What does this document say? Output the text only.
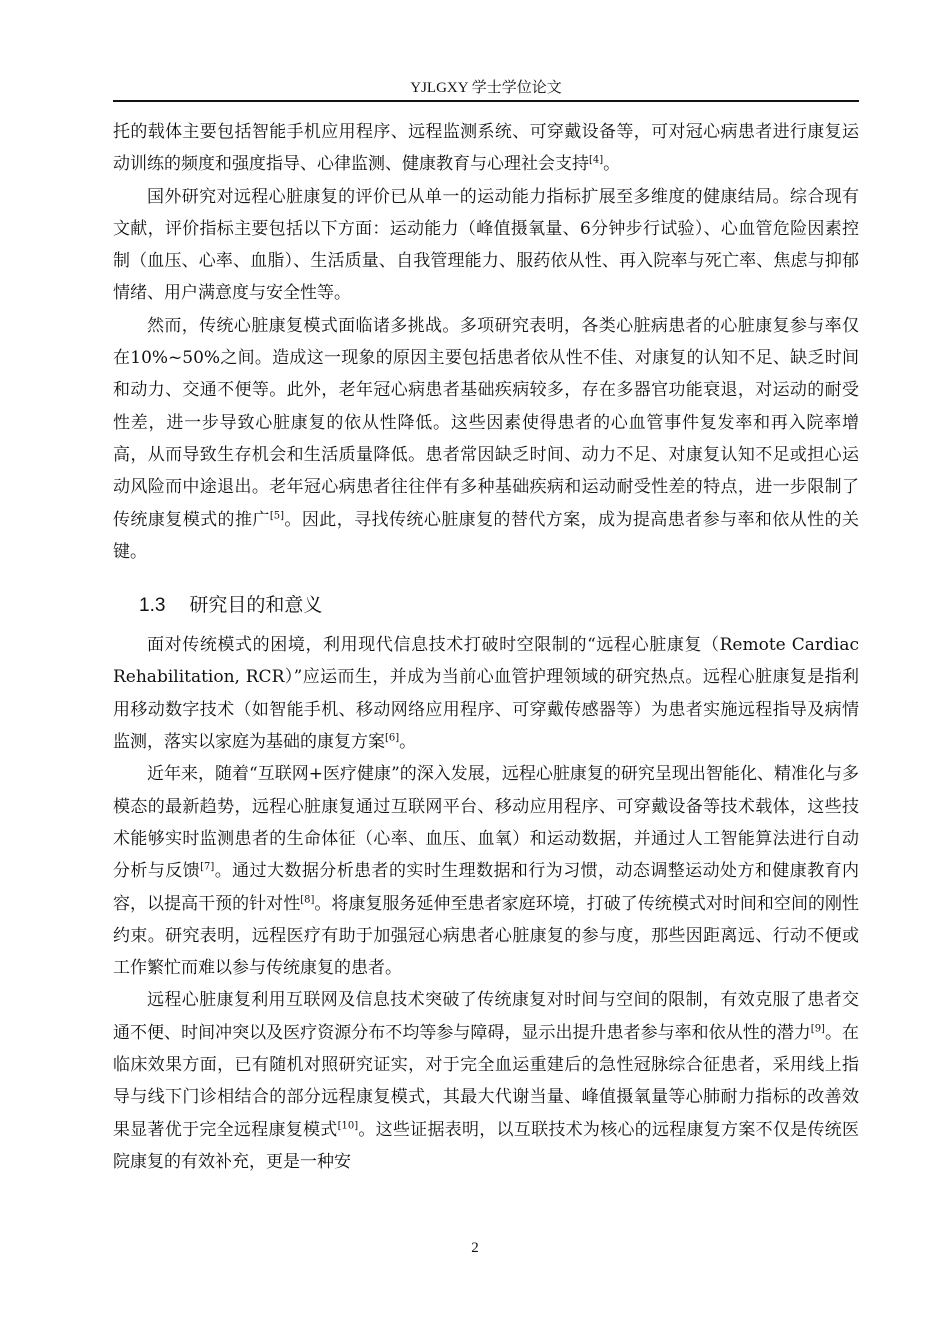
YJLGXY 学士学位论文

托的载体主要包括智能手机应用程序、远程监测系统、可穿戴设备等，可对冠心病患者进行康复运动训练的频度和强度指导、心律监测、健康教育与心理社会支持[4]。

国外研究对远程心脏康复的评价已从单一的运动能力指标扩展至多维度的健康结局。综合现有文献，评价指标主要包括以下方面：运动能力（峰值摄氧量、6分钟步行试验）、心血管危险因素控制（血压、心率、血脂）、生活质量、自我管理能力、服药依从性、再入院率与死亡率、焦虑与抑郁情绪、用户满意度与安全性等。

然而，传统心脏康复模式面临诸多挑战。多项研究表明，各类心脏病患者的心脏康复参与率仅在10%~50%之间。造成这一现象的原因主要包括患者依从性不佳、对康复的认知不足、缺乏时间和动力、交通不便等。此外，老年冠心病患者基础疾病较多，存在多器官功能衰退，对运动的耐受性差，进一步导致心脏康复的依从性降低。这些因素使得患者的心血管事件复发率和再入院率增高，从而导致生存机会和生活质量降低。患者常因缺乏时间、动力不足、对康复认知不足或担心运动风险而中途退出。老年冠心病患者往往伴有多种基础疾病和运动耐受性差的特点，进一步限制了传统康复模式的推广[5]。因此，寻找传统心脏康复的替代方案，成为提高患者参与率和依从性的关键。

1.3 研究目的和意义

面对传统模式的困境，利用现代信息技术打破时空限制的“远程心脏康复（Remote Cardiac Rehabilitation, RCR）”应运而生，并成为当前心血管护理领域的研究热点。远程心脏康复是指利用移动数字技术（如智能手机、移动网络应用程序、可穿戴传感器等）为患者实施远程指导及病情监测，落实以家庭为基础的康复方案[6]。

近年来，随着“互联网+医疗健康”的深入发展，远程心脏康复的研究呈现出智能化、精准化与多模态的最新趋势，远程心脏康复通过互联网平台、移动应用程序、可穿戴设备等技术载体，这些技术能够实时监测患者的生命体征（心率、血压、血氧）和运动数据，并通过人工智能算法进行自动分析与反馈[7]。通过大数据分析患者的实时生理数据和行为习惯，动态调整运动处方和健康教育内容，以提高干预的针对性[8]。将康复服务延伸至患者家庭环境，打破了传统模式对时间和空间的刚性约束。研究表明，远程医疗有助于加强冠心病患者心脏康复的参与度，那些因距离远、行动不便或工作繁忙而难以参与传统康复的患者。

远程心脏康复利用互联网及信息技术突破了传统康复对时间与空间的限制，有效克服了患者交通不便、时间冲突以及医疗资源分布不均等参与障碍，显示出提升患者参与率和依从性的潜力[9]。在临床效果方面，已有随机对照研究证实，对于完全血运重建后的急性冠脉综合征患者，采用线上指导与线下门诊相结合的部分远程康复模式，其最大代谢当量、峰值摄氧量等心肺耐力指标的改善效果显著优于完全远程康复模式[10]。这些证据表明，以互联技术为核心的远程康复方案不仅是传统医院康复的有效补充，更是一种安

2
